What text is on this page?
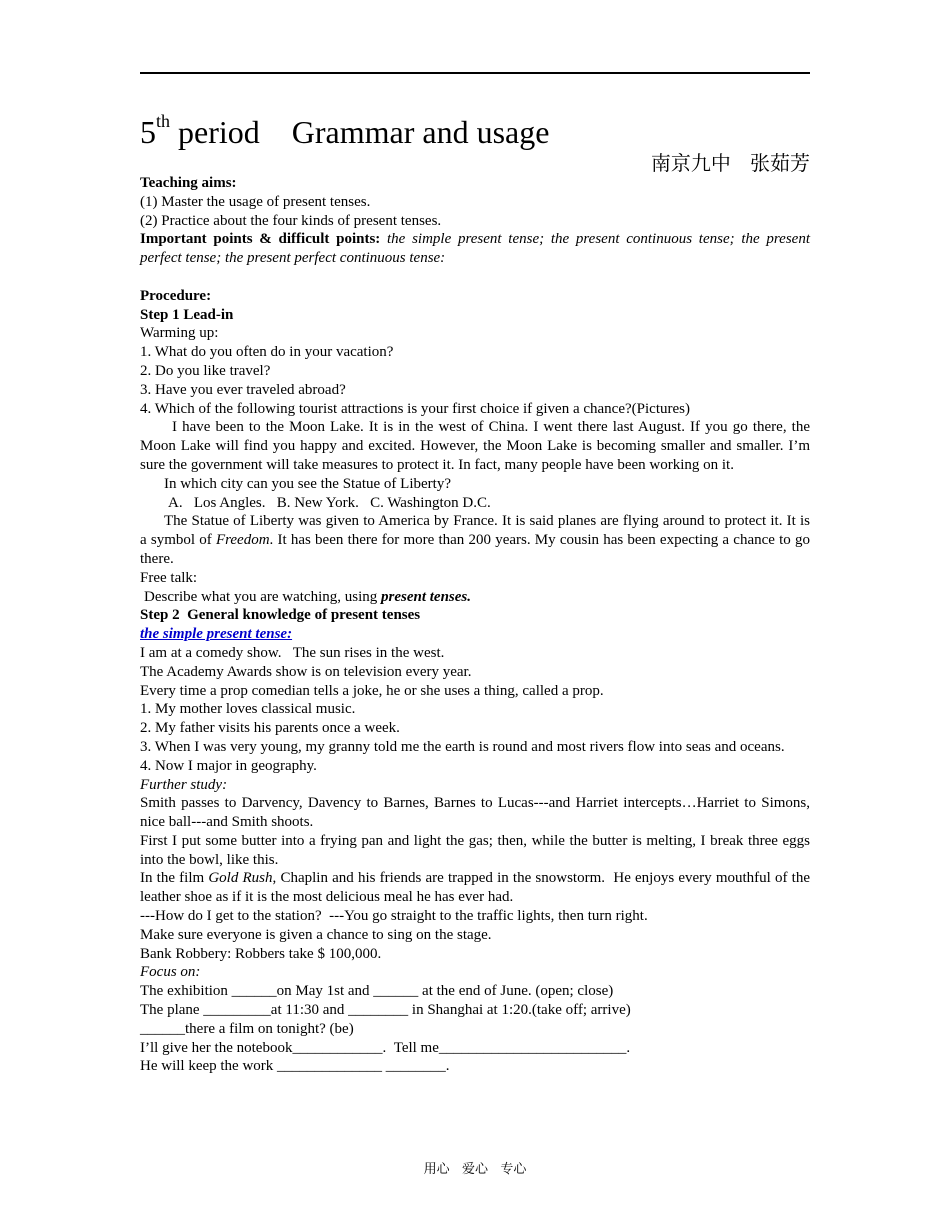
5th period    Grammar and usage
南京九中   张茹芳

Teaching aims:

(1) Master the usage of present tenses.

(2) Practice about the four kinds of present tenses.

Important points & difficult points: the simple present tense; the present continuous tense; the present perfect tense; the present perfect continuous tense:

Procedure:

Step 1 Lead-in

Warming up:

1. What do you often do in your vacation?

2. Do you like travel?

3. Have you ever traveled abroad?

4. Which of the following tourist attractions is your first choice if given a chance?(Pictures)

I have been to the Moon Lake. It is in the west of China. I went there last August. If you go there, the Moon Lake will find you happy and excited. However, the Moon Lake is becoming smaller and smaller. I’m sure the government will take measures to protect it. In fact, many people have been working on it.

In which city can you see the Statue of Liberty?

A.   Los Angles.   B. New York.   C. Washington D.C.

The Statue of Liberty was given to America by France. It is said planes are flying around to protect it. It is a symbol of Freedom. It has been there for more than 200 years. My cousin has been expecting a chance to go there.

Free talk:

Describe what you are watching, using present tenses.

Step 2  General knowledge of present tenses

the simple present tense:

I am at a comedy show.   The sun rises in the west.

The Academy Awards show is on television every year.

Every time a prop comedian tells a joke, he or she uses a thing, called a prop.

1. My mother loves classical music.

2. My father visits his parents once a week.

3. When I was very young, my granny told me the earth is round and most rivers flow into seas and oceans.

4. Now I major in geography.

Further study:

Smith passes to Darvency, Davency to Barnes, Barnes to Lucas---and Harriet intercepts…Harriet to Simons, nice ball---and Smith shoots.

First I put some butter into a frying pan and light the gas; then, while the butter is melting, I break three eggs into the bowl, like this.

In the film Gold Rush, Chaplin and his friends are trapped in the snowstorm.  He enjoys every mouthful of the leather shoe as if it is the most delicious meal he has ever had.

---How do I get to the station?  ---You go straight to the traffic lights, then turn right.

Make sure everyone is given a chance to sing on the stage.

Bank Robbery: Robbers take $ 100,000.

Focus on:

The exhibition ______on May 1st and ______ at the end of June. (open; close)

The plane _________at 11:30 and ________ in Shanghai at 1:20.(take off; arrive)

______there a film on tonight? (be)

I’ll give her the notebook____________.  Tell me_________________________.

He will keep the work ______________ ________.

用心   爱心   专心
